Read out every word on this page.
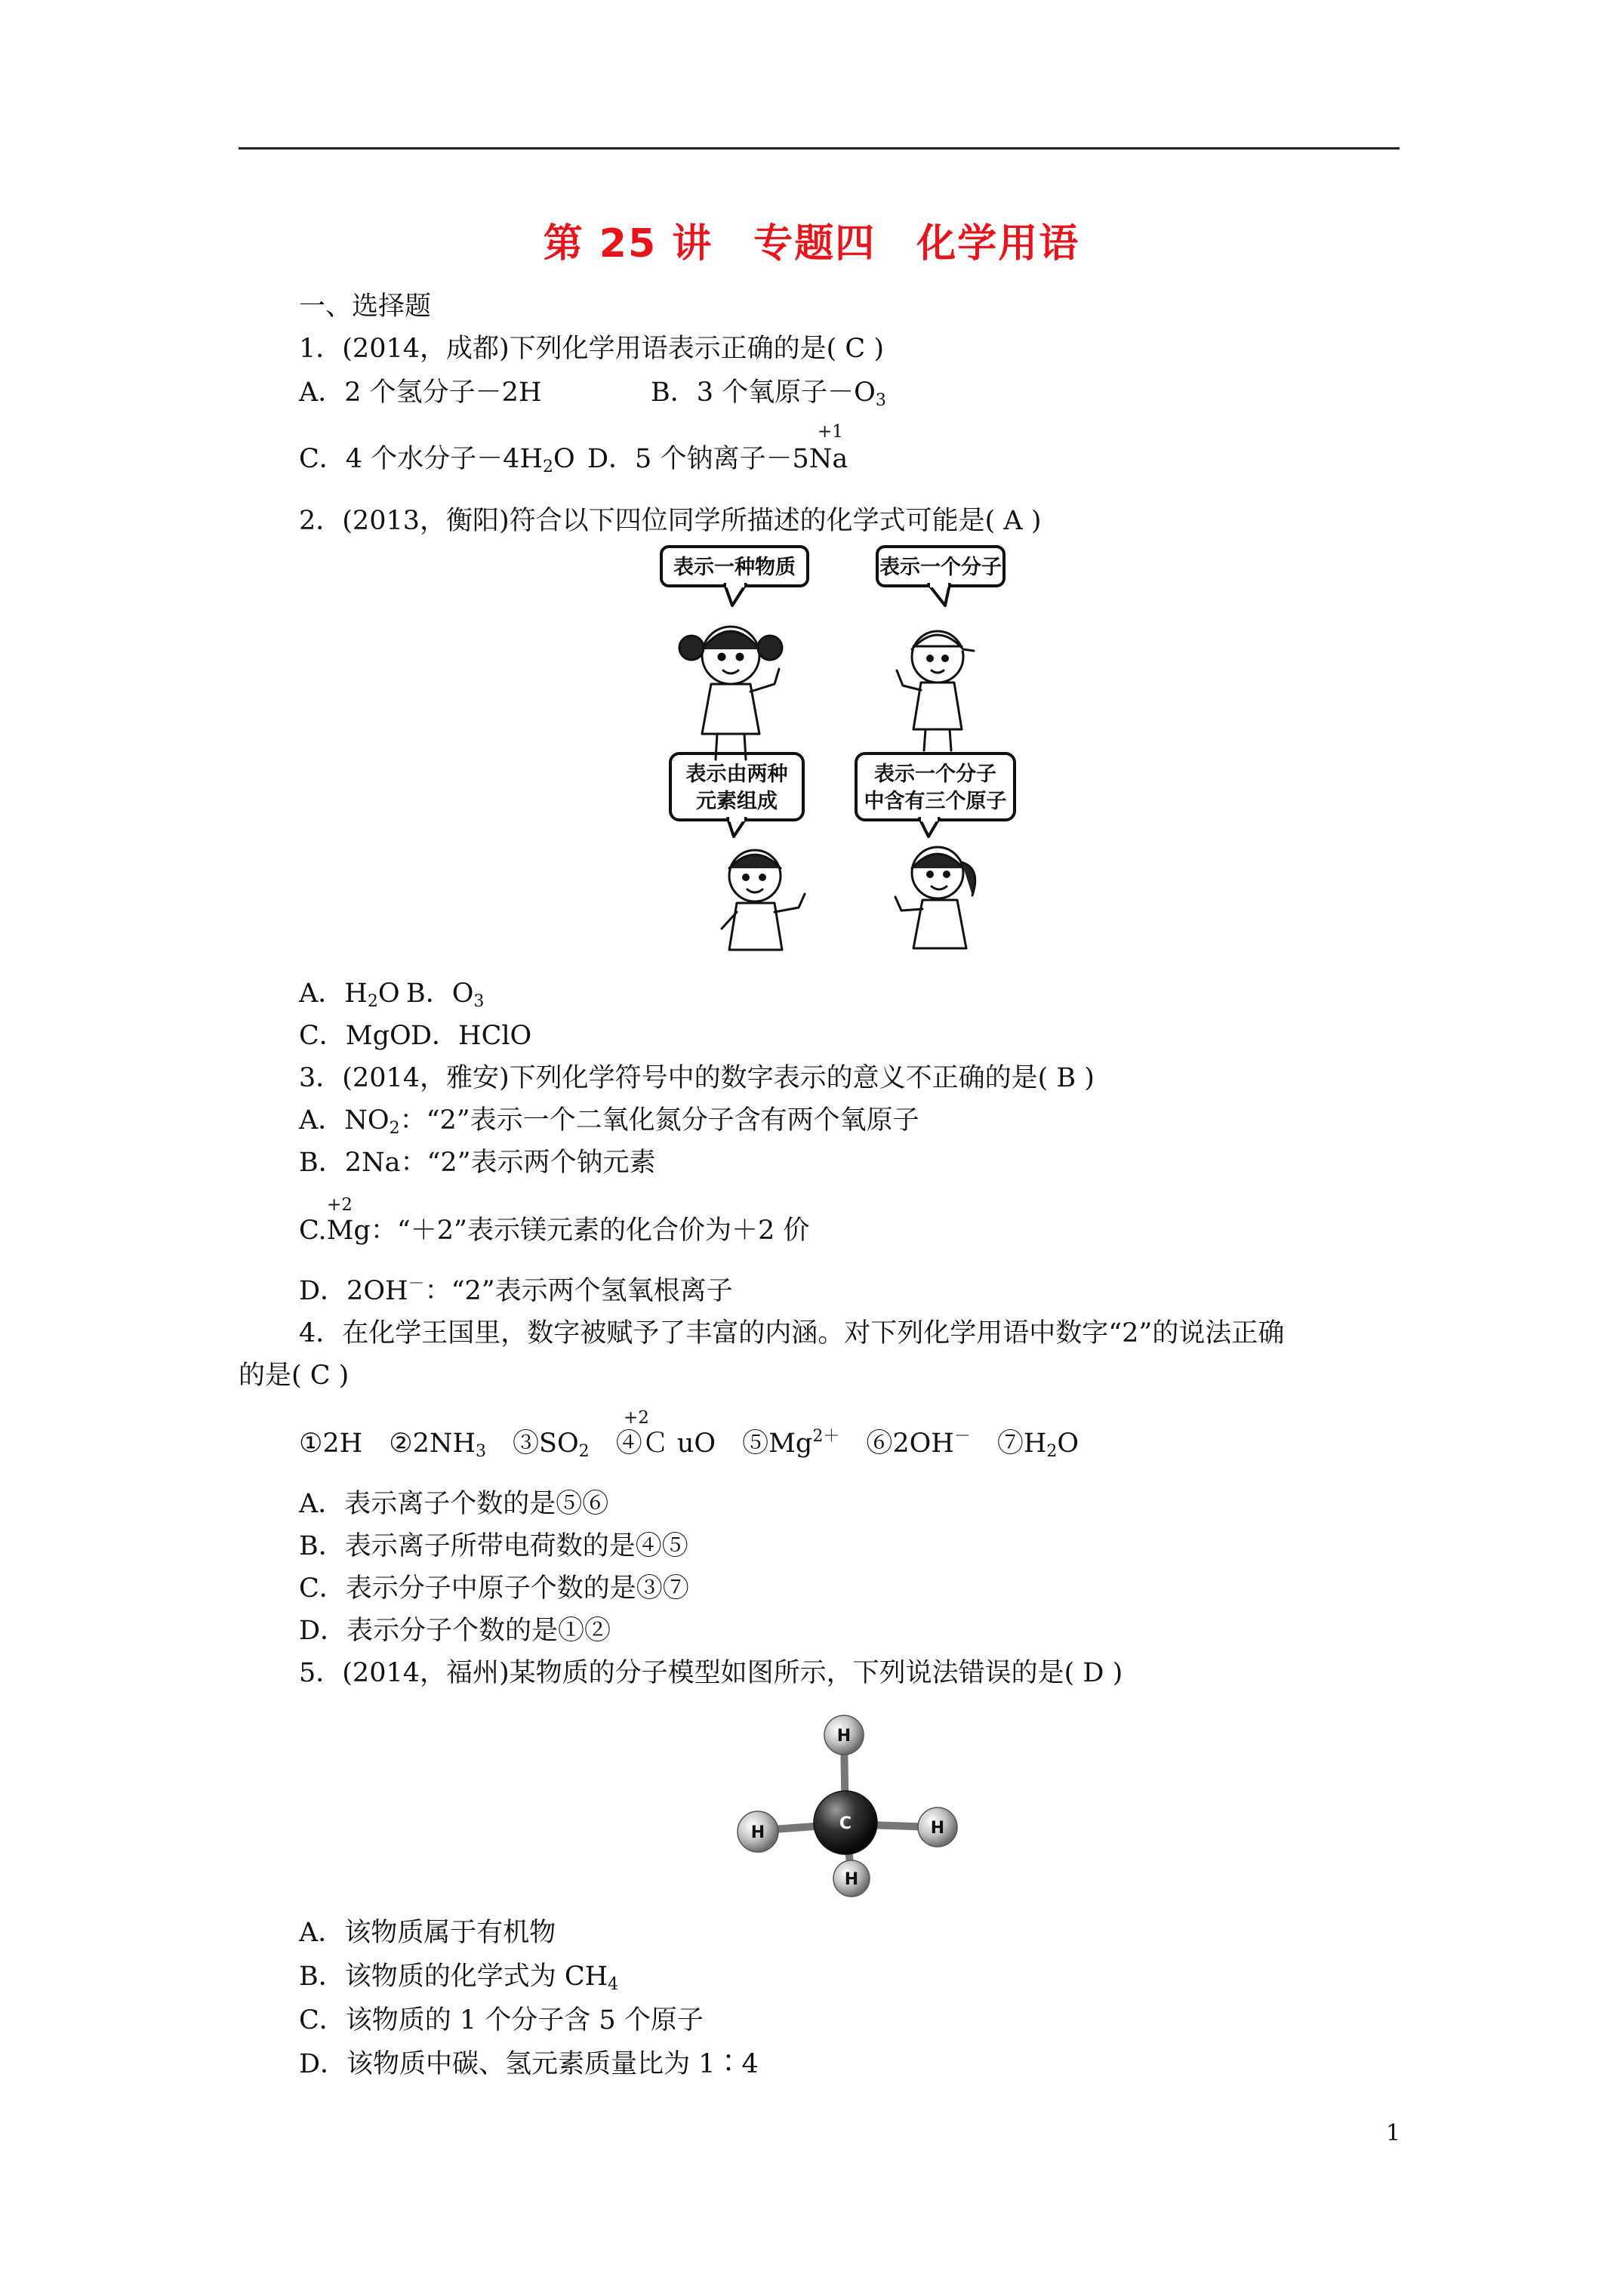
第 25 讲　专题四　化学用语
一、选择题
1．(2014，成都)下列化学用语表示正确的是( C )
A．2 个氢分子－2H	B．3 个氧原子$-O_3$
+1
C．4 个水分子$-4H_2O$ D．5 个钠离子－5Na
2．(2013，衡阳)符合以下四位同学所描述的化学式可能是( A )
表示一种物质	表示一个分子
表示由两种
元素组成
表示一个分子
中含有三个原子
A．$H_2O$ B．$O_3$
C．MgO D．HClO
3．(2014，雅安)下列化学符号中的数字表示的意义不正确的是( B )
A．$NO_2$：“2”表示一个二氧化氮分子含有两个氧原子
B．2Na：“2”表示两个钠元素
+2
C.Mg：“＋2”表示镁元素的化合价为＋2 价
D．2OH－：“2”表示两个氢氧根离子
4．在化学王国里，数字被赋予了丰富的内涵。对下列化学用语中数字“2”的说法正确
的是( C )
+2
①2H　 $②2NH_3$　 $③SO_2$　 ④Ｃ uO　 $⑤Mg^{2+}$　 ⑥2OH－　 $⑦H_2O$
A．表示离子个数的是⑤⑥
B．表示离子所带电荷数的是④⑤
C．表示分子中原子个数的是③⑦
D．表示分子个数的是①②
5．(2014，福州)某物质的分子模型如图所示，下列说法错误的是( D )
H
H	C	H
H
A．该物质属于有机物
B．该物质的化学式为 $CH_4$
C．该物质的 1 个分子含 5 个原子
D．该物质中碳、氢元素质量比为 1∶4
1
